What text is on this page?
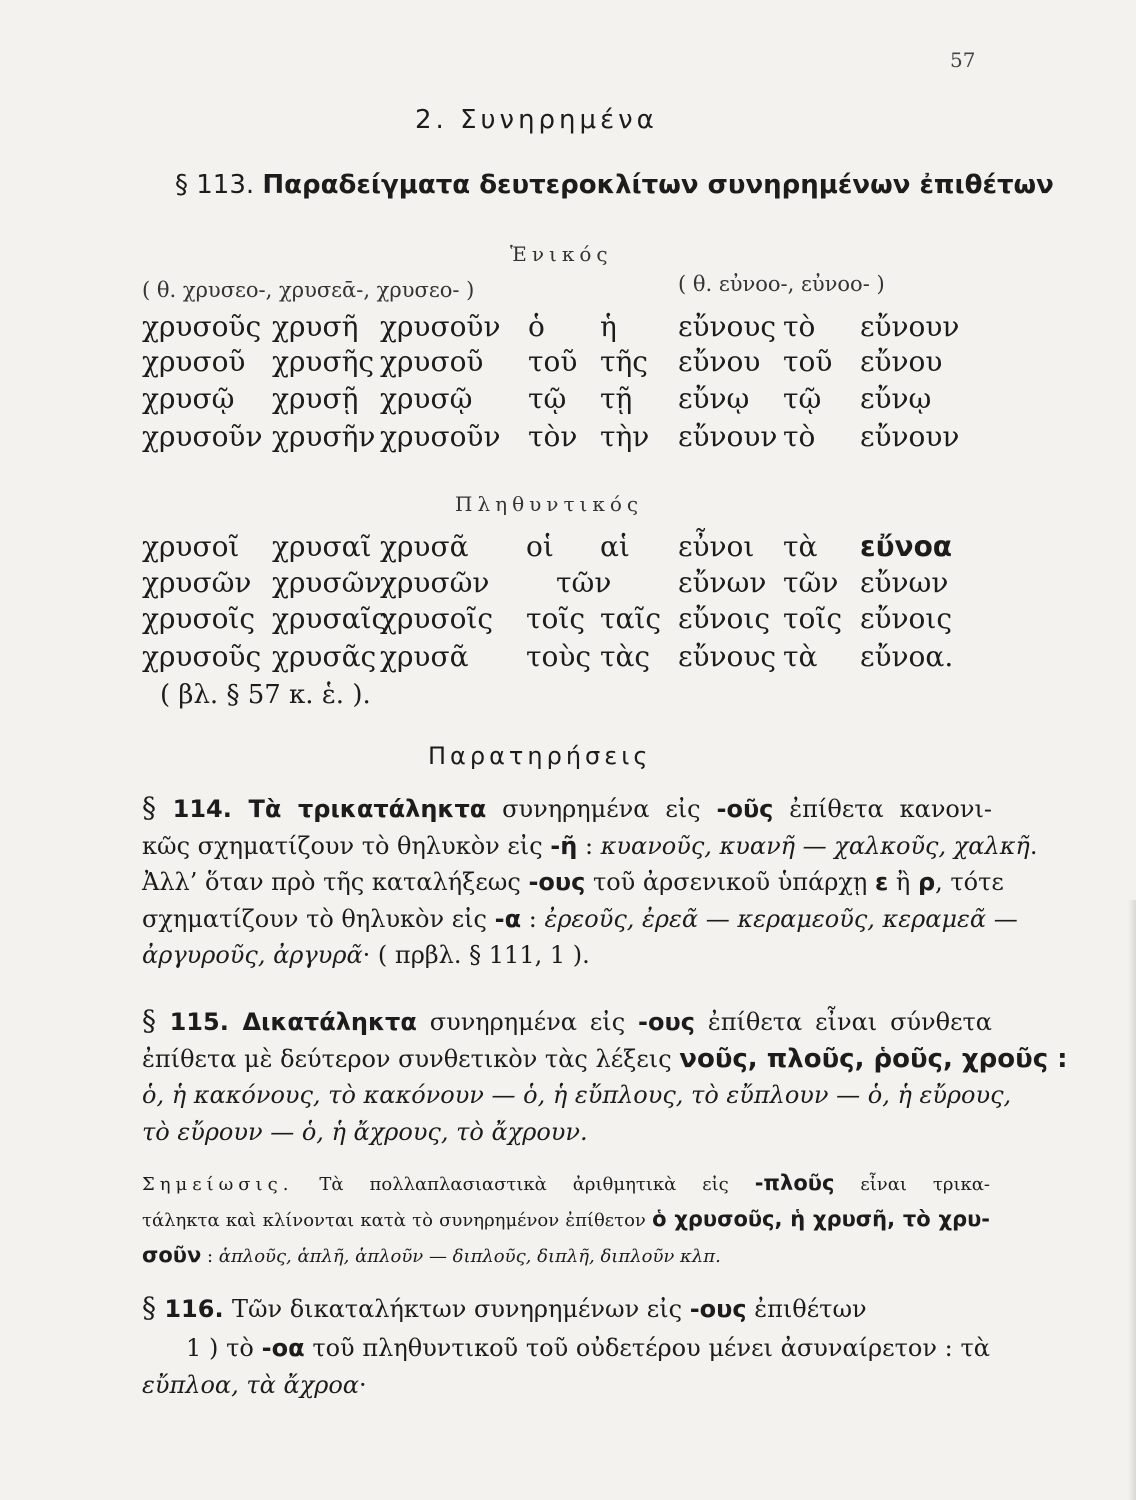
57
2. Συνηρημένα
§ 113. Παραδείγματα δευτεροκλίτων συνηρημένων ἐπιθέτων
Ἑνικός
( θ. χρυσεο-, χρυσεᾱ-, χρυσεο- )	( θ. εὐνοο-, εὐνοο- )
χρυσοῦς χρυσῆ χρυσοῦν ὁ ἡ εὔνους τὸ εὔνουν
χρυσοῦ χρυσῆς χρυσοῦ τοῦ τῆς εὔνου τοῦ εὔνου
χρυσῷ χρυσῇ χρυσῷ τῷ τῇ εὔνῳ τῷ εὔνῳ
χρυσοῦν χρυσῆν χρυσοῦν τὸν τὴν εὔνουν τὸ εὔνουν
Πληθυντικός
χρυσοῖ χρυσαῖ χρυσᾶ οἱ αἱ εὖνοι τὰ εὔνοα
χρυσῶν χρυσῶν
χρυσῶν τῶν εὔνων τῶν εὔνων
χρυσοῖς χρυσαῖς
χρυσοῖς τοῖς ταῖς εὔνοις τοῖς εὔνοις
χρυσοῦς χρυσᾶς χρυσᾶ τοὺς τὰς εὔνους τὰ εὔνοα.
( βλ. § 57 κ. ἑ. ).
Παρατηρήσεις
§ 114. Τὰ τρικατάληκτα συνηρημένα εἰς -οῦς ἐπίθετα κανονι-
κῶς σχηματίζουν τὸ θηλυκὸν εἰς -ῆ : κυανοῦς, κυανῆ — χαλκοῦς, χαλκῆ.
Ἀλλ’ ὅταν πρὸ τῆς καταλήξεως -ους τοῦ ἀρσενικοῦ ὑπάρχῃ ε ἢ ρ, τότε
σχηματίζουν τὸ θηλυκὸν εἰς -α : ἐρεοῦς, ἐρεᾶ — κεραμεοῦς, κεραμεᾶ —
ἀργυροῦς, ἀργυρᾶ· ( πρβλ. § 111, 1 ).
§ 115. Δικατάληκτα συνηρημένα εἰς -ους ἐπίθετα εἶναι σύνθετα
ἐπίθετα μὲ δεύτερον συνθετικὸν τὰς λέξεις νοῦς, πλοῦς, ῥοῦς, χροῦς :
ὁ, ἡ κακόνους, τὸ κακόνουν — ὁ, ἡ εὔπλους, τὸ εὔπλουν — ὁ, ἡ εὔρους,
τὸ εὔρουν — ὁ, ἡ ἄχρους, τὸ ἄχρουν.
Σημείωσις. Τὰ πολλαπλασιαστικὰ ἀριθμητικὰ εἰς -πλοῦς εἶναι τρικα-
τάληκτα καὶ κλίνονται κατὰ τὸ συνηρημένον ἐπίθετον ὁ χρυσοῦς, ἡ χρυσῆ, τὸ χρυ-
σοῦν : ἁπλοῦς, ἁπλῆ, ἁπλοῦν — διπλοῦς, διπλῆ, διπλοῦν κλπ.
§ 116. Τῶν δικαταλήκτων συνηρημένων εἰς -ους ἐπιθέτων
1 ) τὸ -οα τοῦ πληθυντικοῦ τοῦ οὐδετέρου μένει ἀσυναίρετον : τὰ
εὔπλοα, τὰ ἄχροα·
